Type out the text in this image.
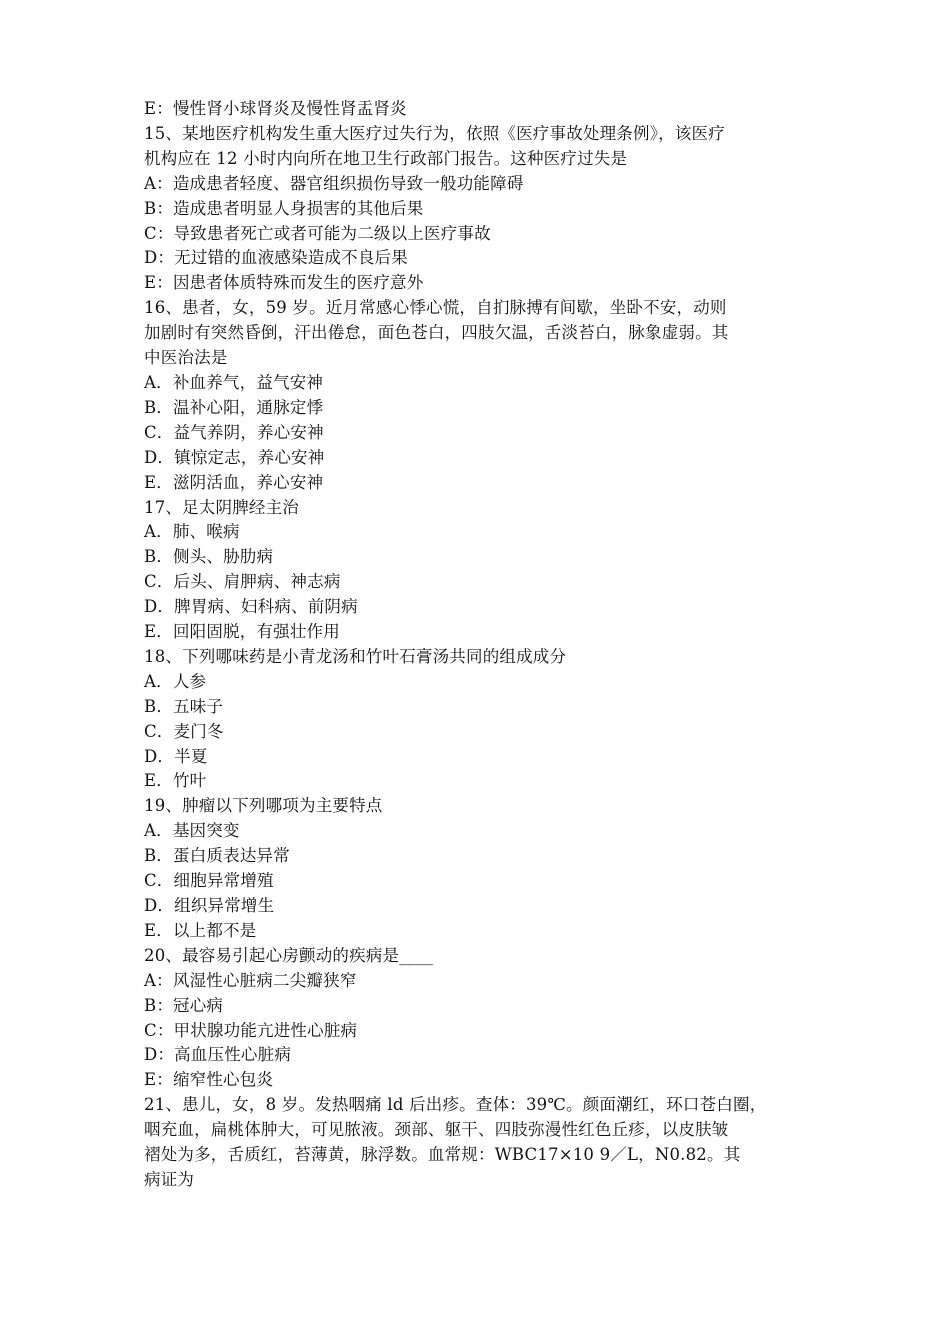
E：慢性肾小球肾炎及慢性肾盂肾炎
15、某地医疗机构发生重大医疗过失行为，依照《医疗事故处理条例》，该医疗
机构应在 12 小时内向所在地卫生行政部门报告。这种医疗过失是
A：造成患者轻度、器官组织损伤导致一般功能障碍
B：造成患者明显人身损害的其他后果
C：导致患者死亡或者可能为二级以上医疗事故
D：无过错的血液感染造成不良后果
E：因患者体质特殊而发生的医疗意外
16、患者，女，59 岁。近月常感心悸心慌，自扪脉搏有间歇，坐卧不安，动则
加剧时有突然昏倒，汗出倦怠，面色苍白，四肢欠温，舌淡苔白，脉象虚弱。其
中医治法是
A．补血养气，益气安神
B．温补心阳，通脉定悸
C．益气养阴，养心安神
D．镇惊定志，养心安神
E．滋阴活血，养心安神
17、足太阴脾经主治
A．肺、喉病
B．侧头、胁肋病
C．后头、肩胛病、神志病
D．脾胃病、妇科病、前阴病
E．回阳固脱，有强壮作用
18、下列哪味药是小青龙汤和竹叶石膏汤共同的组成成分
A．人参
B．五味子
C．麦门冬
D．半夏
E．竹叶
19、肿瘤以下列哪项为主要特点
A．基因突变
B．蛋白质表达异常
C．细胞异常增殖
D．组织异常增生
E．以上都不是
20、最容易引起心房颤动的疾病是____
A：风湿性心脏病二尖瓣狭窄
B：冠心病
C：甲状腺功能亢进性心脏病
D：高血压性心脏病
E：缩窄性心包炎
21、患儿，女，8 岁。发热咽痛 ld 后出疹。查体：39℃。颜面潮红，环口苍白圈，
咽充血，扁桃体肿大，可见脓液。颈部、躯干、四肢弥漫性红色丘疹，以皮肤皱
褶处为多，舌质红，苔薄黄，脉浮数。血常规：WBC17×10 9／L，N0.82。其
病证为
